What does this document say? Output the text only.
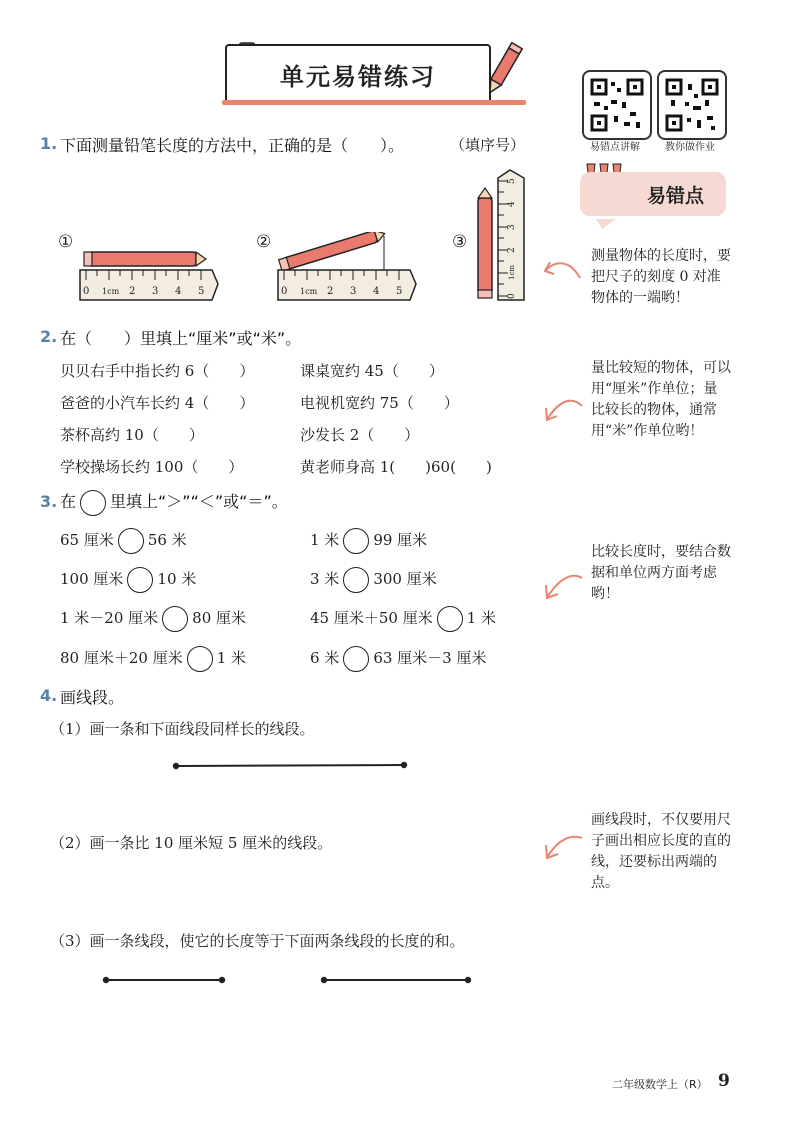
单元易错练习
易错点讲解	教你做作业
易错点
测量物体的长度时，要把尺子的刻度 0 对准物体的一端哟！
量比较短的物体，可以用“厘米”作单位；量比较长的物体，通常用“米”作单位哟！
比较长度时，要结合数据和单位两方面考虑哟！
画线段时，不仅要用尺子画出相应长度的直的线，还要标出两端的点。
1. 下面测量铅笔长度的方法中，正确的是（　　）。	（填序号）
①	②	③
0 1cm 2 3 4 5	0 1cm 2 3 4 5	0
1cm
2
3
4
5
2. 在（　　）里填上“厘米”或“米”。
贝贝右手中指长约 6（　　）	课桌宽约 45（　　）
爸爸的小汽车长约 4（　　）	电视机宽约 75（　　）
茶杯高约 10（　　）	沙发长 2（　　）
学校操场长约 100（　　）	黄老师身高 1(　　)60(　　)
3. 在 里填上“＞”“＜”或“＝”。
65 厘米 56 米	1 米 99 厘米
100 厘米 10 米	3 米 300 厘米
1 米－20 厘米 80 厘米	45 厘米＋50 厘米 1 米
80 厘米＋20 厘米 1 米	6 米 63 厘米－3 厘米
4. 画线段。
（1）画一条和下面线段同样长的线段。
（2）画一条比 10 厘米短 5 厘米的线段。
（3）画一条线段，使它的长度等于下面两条线段的长度的和。
二年级数学上（R） 9
